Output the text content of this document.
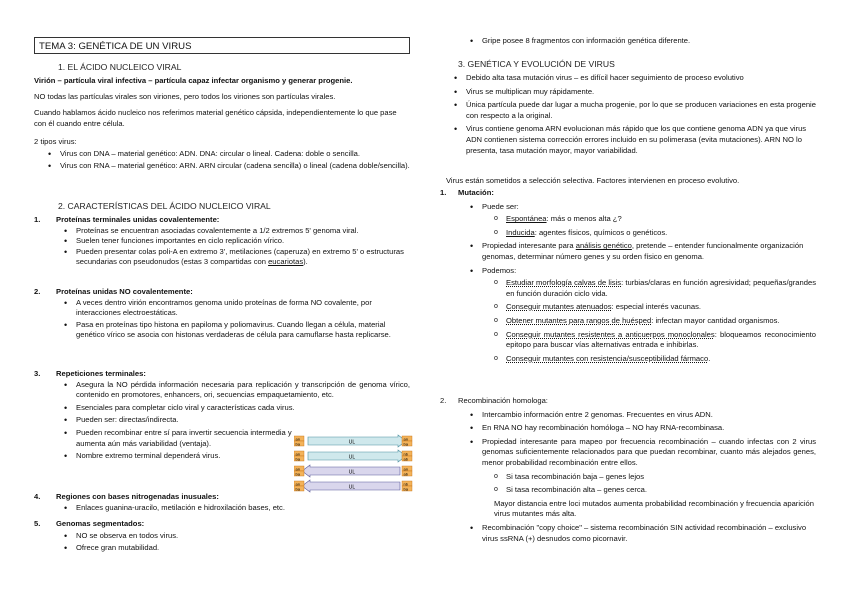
TEMA 3: GENÉTICA DE UN VIRUS
1. EL ÁCIDO NUCLEICO VIRAL
Virión – partícula viral infectiva – partícula capaz infectar organismo y generar progenie.
NO todas las partículas virales son viriones, pero todos los viriones son partículas virales.
Cuando hablamos ácido nucleico nos referimos material genético cápsida, independientemente lo que pase con él cuando entre célula.
2 tipos virus:
• Virus con DNA – material genético: ADN. DNA: circular o lineal. Cadena: doble o sencilla.
• Virus con RNA – material genético: ARN. ARN circular (cadena sencilla) o lineal (cadena doble/sencilla).
2. CARACTERÍSTICAS DEL ÁCIDO NUCLEICO VIRAL
1. Proteínas terminales unidas covalentemente:
• Proteínas se encuentran asociadas covalentemente a 1/2 extremos 5' genoma viral.
• Suelen tener funciones importantes en ciclo replicación vírico.
• Pueden presentar colas poli-A en extremo 3', metilaciones (caperuza) en extremo 5' o estructuras secundarias con pseudonudos (estas 3 compartidas con eucariotas).
2. Proteínas unidas NO covalentemente:
• A veces dentro virión encontramos genoma unido proteínas de forma NO covalente, por interacciones electroestáticas.
• Pasa en proteínas tipo histona en papiloma y poliomavirus. Cuando llegan a célula, material genético vírico se asocia con histonas verdaderas de célula para camuflarse hasta replicarse.
3. Repeticiones terminales:
• Asegura la NO pérdida información necesaria para replicación y transcripción de genoma vírico, contenido en promotores, enhancers, ori, secuencias empaquetamiento, etc.
• Esenciales para completar ciclo viral y características cada virus.
• Pueden ser: directas/indirecta.
• Pueden recombinar entre sí para invertir secuencia intermedia y aumenta aún más variabilidad (ventaja).
• Nombre extremo terminal dependerá virus.
an
ba
an
ba
UL
an
ba
nb
ab
UL
an
ba
an
ab
UL
an
ba
nb
ba
UL
4. Regiones con bases nitrogenadas inusuales:
• Enlaces guanina-uracilo, metilación e hidroxilación bases, etc.
5. Genomas segmentados:
• NO se observa en todos virus.
• Ofrece gran mutabilidad.
• Gripe posee 8 fragmentos con información genética diferente.
3. GENÉTICA Y EVOLUCIÓN DE VIRUS
• Debido alta tasa mutación virus – es difícil hacer seguimiento de proceso evolutivo
• Virus se multiplican muy rápidamente.
• Única partícula puede dar lugar a mucha progenie, por lo que se producen variaciones en esta progenie con respecto a la original.
• Virus contiene genoma ARN evolucionan más rápido que los que contiene genoma ADN ya que virus ADN contienen sistema corrección errores incluido en su polimerasa (evita mutaciones). ARN NO lo presenta, tasa mutación mayor, mayor variabilidad.
Virus están sometidos a selección selectiva. Factores intervienen en proceso evolutivo.
1. Mutación:
• Puede ser:
o Espontánea: más o menos alta ¿?
o Inducida: agentes físicos, químicos o genéticos.
• Propiedad interesante para análisis genético, pretende – entender funcionalmente organización genomas, determinar número genes y su orden físico en genoma.
• Podemos:
o Estudiar morfología calvas de lisis: turbias/claras en función agresividad; pequeñas/grandes en función duración ciclo vida.
o Conseguir mutantes atenuados: especial interés vacunas.
o Obtener mutantes para rangos de huésped: infectan mayor cantidad organismos.
o Conseguir mutantes resistentes a anticuerpos monoclonales: bloqueamos reconocimiento epitopo para buscar vías alternativas entrada e inhibirlas.
o Conseguir mutantes con resistencia/susceptibilidad fármaco.
2. Recombinación homologa:
• Intercambio información entre 2 genomas. Frecuentes en virus ADN.
• En RNA NO hay recombinación homóloga – NO hay RNA-recombinasa.
• Propiedad interesante para mapeo por frecuencia recombinación – cuando infectas con 2 virus genomas suficientemente relacionados para que puedan recombinar, cuanto más alejados genes, menor probabilidad recombinación entre ellos.
o Si tasa recombinación baja – genes lejos
o Si tasa recombinación alta – genes cerca.
Mayor distancia entre loci mutados aumenta probabilidad recombinación y frecuencia aparición virus mutantes más alta.
• Recombinación "copy choice" – sistema recombinación SIN actividad recombinación – exclusivo virus ssRNA (+) desnudos como picornavir.
